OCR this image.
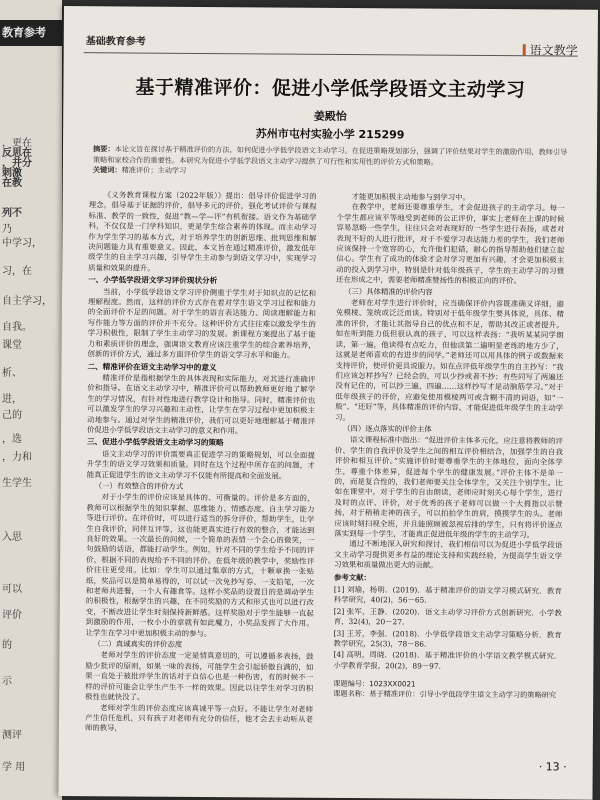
教育参考
，更在
反思在
，并分
刺激
在教
列不
乃
中学习，
习，在
自主学习，
自我。
课堂
析、
进，
己的
，选
，力和
生学生
入思
可以
评价
的
示
测评
学 用
基础教育参考
语文教学
基于精准评价：促进小学低学段语文主动学习
姜殿怡
苏州市屯村实验小学 215299
摘要：本论文旨在探讨基于精准评价的方法，如何促进小学低学段语文主动学习。在促进策略规划部分，强调了评价结果对学生的激励作用，教师引导策略和家校合作的重要性。本研究为促进小学低学段语文主动学习提供了可行性和实用性的评价方式和策略。
关键词：精准评价；主动学习

《义务教育课程方案（2022年版）》提出：倡导评价促进学习的理念，倡导基于证据的评价，倡导多元的评价，强化考试评价与课程标准、教学的一致性，促进“教—学—评”有机衔接。语文作为基础学科，不仅仅是一门学科知识，更是学生综合素养的体现。而主动学习作为学生学习的基本方式，对于培养学生的创新思维、批判思维和解决问题能力具有重要意义。因此，本文旨在通过精准评价，激发低年级学生的自主学习兴趣，引导学生主动参与到语文学习中，实现学习质量和效果的提升。

一、小学低学段语文学习评价现状分析

当前，小学低学段语文学习评价侧重于学生对于知识点的记忆和理解程度。然而，这样的评价方式存在着对学生语文学习过程和能力的全面评价不足的问题。对于学生的语言表达能力、阅读理解能力和写作能力等方面的评价并不充分。这种评价方式往往难以激发学生的学习积极性，限制了学生主动学习的发展。新课程方案提出了基于能力和素质评价的理念，强调语文教育应该注重学生的综合素养培养，创新的评价方式，通过多方面评价学生的语文学习水平和能力。

二、精准评价在语文主动学习中的意义

精准评价是指根据学生的具体表现和实际能力，对其进行准确评价和指导。在语文主动学习中，精准评价可以帮助教师更好地了解学生的学习情况，有针对性地进行教学设计和指导。同时，精准评价也可以激发学生的学习兴趣和主动性，让学生在学习过程中更加积极主动地参与。通过对学生的精准评价，我们可以更好地理解基于精准评价促进小学低学段语文主动学习的意义和作用。

三、促进小学低学段语文主动学习的策略

语文主动学习的评价需要真正促进学习的策略规划，可以全面提升学生的语文学习效果和质量。同时在这个过程中所存在的问题，才能真正促进学生的语文主动学习不仅能有所提高和全面发展。

（一）有效整合的评价方式

对于小学生的评价应该是具体的、可衡量的。评价是多方面的，教师可以根据学生的知识掌握、思维能力、情感态度、自主学习能力等进行评价。在评价时，可以进行适当的拆分评价，帮助学生，让学生自我评价，同伴互评等，这也能更真实进行有效的整合，才能达到良好的效果。一次最长的问候，一个简单的表情一个会心的微笑，一句鼓励的话语，都能打动学生。例如，针对不同的学生给予不同的评价，根据不同的表现给予不同的评价。在低年级的教学中，奖励性评价往往更受用。比如：学生可以通过集章的方式，十颗章换一张贴纸，奖品可以是简单易得的，可以试一次免抄写券、一支铅笔，一次和老师共进餐，一个人有趣食等。这样小奖品的设置目的是调动学生的积极性，根据学生的兴趣，在不同奖励的方式和形式也可以进行改变，不断改进让学生时刻保持新鲜感。这样奖励对于学生能够一直起到激励的作用，一枚小小的章就有如此魔力，小奖品发挥了大作用。让学生在学习中更加积极主动的参与。

（二）真诚真实的评价态度

老师对学生的评价态度一定是情真意切的，可以遵循多表扬，鼓励少批评的原则，如果一味的表扬，可能学生会引起骄傲自满的，如果一直处于被批评学生的话对于自信心也是一种伤害，有的时候不一样的评价可能会让学生产生不一样的效果。因此以往学生对学习的积极性也就快没了。

老师对学生的评价态度应该真诚平等一点好。不能让学生对老师产生信任危机，只有孩子对老师有充分的信任，他才会去主动听从老师的教导，

才能更加积极主动地参与到学习中。

在教学中，老师还要尊重学生，才会促进孩子的主动学习。每一个学生都应该平等地受到老师的公正评价，事实上老师在上课的时候容易忽略一些学生，往往只会对表现好的一些学生进行表扬，或者对表现不好的人进行批评，对于不爱学习表达能力差的学生，我们老师应该保持一个宽容的心，允许他们犯错，耐心的指导帮助他们建立起信心。学生有了成功的体验才会对学习更加有兴趣，才会更加积极主动的投入到学习中，特别是针对低年级孩子，学生的主动学习的习惯还在形成之中，需要老师精准赞扬性的积极正向的评价。

（三）具体精准的评价内容

老师在对学生进行评价时，应当确保评价内容既准确又详细，避免模棱、笼统或泛泛而谈。特别对于低年级学生要具体说，具体、精准的评价，才能让其指导自己的优点和不足，帮助其改正或者提升。如在听到能力低但很认真的孩子，可以这样表扬：“我听某某同学朗读，第一遍，他读得有点吃力，但他读第二遍明显老练的地方少了，这就是老师喜欢的有进步的同学。”老师还可以用具体的例子或数据来支持评价，使评价更具说服力。如在点评低年级学生的自主抄写：“我们应该怎样抄写？已经会的，可以少抄或者不抄；有些同写了两遍还没有记住的，可以抄三遍，四遍……这样抄写才是动脑筋学习。”对于低年级孩子的评价，应避免使用模棱两可或含糊不清的词语，如“一般”、“还好”等，具体精准的评价内容，才能促进低年级学生的主动学习。

（四）逐点落实的评价主体

语文课程标准中指出：“促进评价主体多元化，应注意将教师的评价、学生的自我评价及学生之间的相互评价相结合，加强学生的自我评价和相互评价。”实施评价时要尊重学生的主体地位，面向全体学生，尊重个体差异，促进每个学生的健康发展。”评价主体不是单一的，而是复合性的，我们老师要关注全体学生，又关注个别学生。比如在课堂中，对于学生的自由朗读，老师应时刻关心每个学生，进行及时的点评、评价，对于优秀的孩子老师可以做一个大拇指以示赞扬，对于稍稍走神的孩子，可以拍拍学生的肩，摸摸学生的头。老师应该时刻扫视全班，并且能照顾被忽视后排的学生，只有将评价逐点落实到每一个学生，才能真正促进低年级的学生的主动学习。

通过不断地深入研究和探讨，我们相信可以为促进小学低学段语文主动学习提供更多有益的理论支持和实践经验，为提高学生语文学习效果和质量做出更大的贡献。

参考文献：

[1] 刘瑜，杨明．(2019)．基于精准评价的语文学习模式研究．教育科学研究，40(2)，56－65．

[2] 张军，王静．(2020)．语文主动学习评价方式创新研究．小学教育，32(4)，20－27．

[3] 王芳，李强．(2018)．小学低学段语文主动学习策略分析．教育教学研究，25(3)，78－86．

[4] 高明，周晓．(2018)．基于精准评价的小学语文教学模式研究．小学教育学报，20(2)，89－97．

课题编号：1023XX0021
课题名称：基于精准评价：引导小学低段学生语文主动学习的策略研究
· 13 ·
